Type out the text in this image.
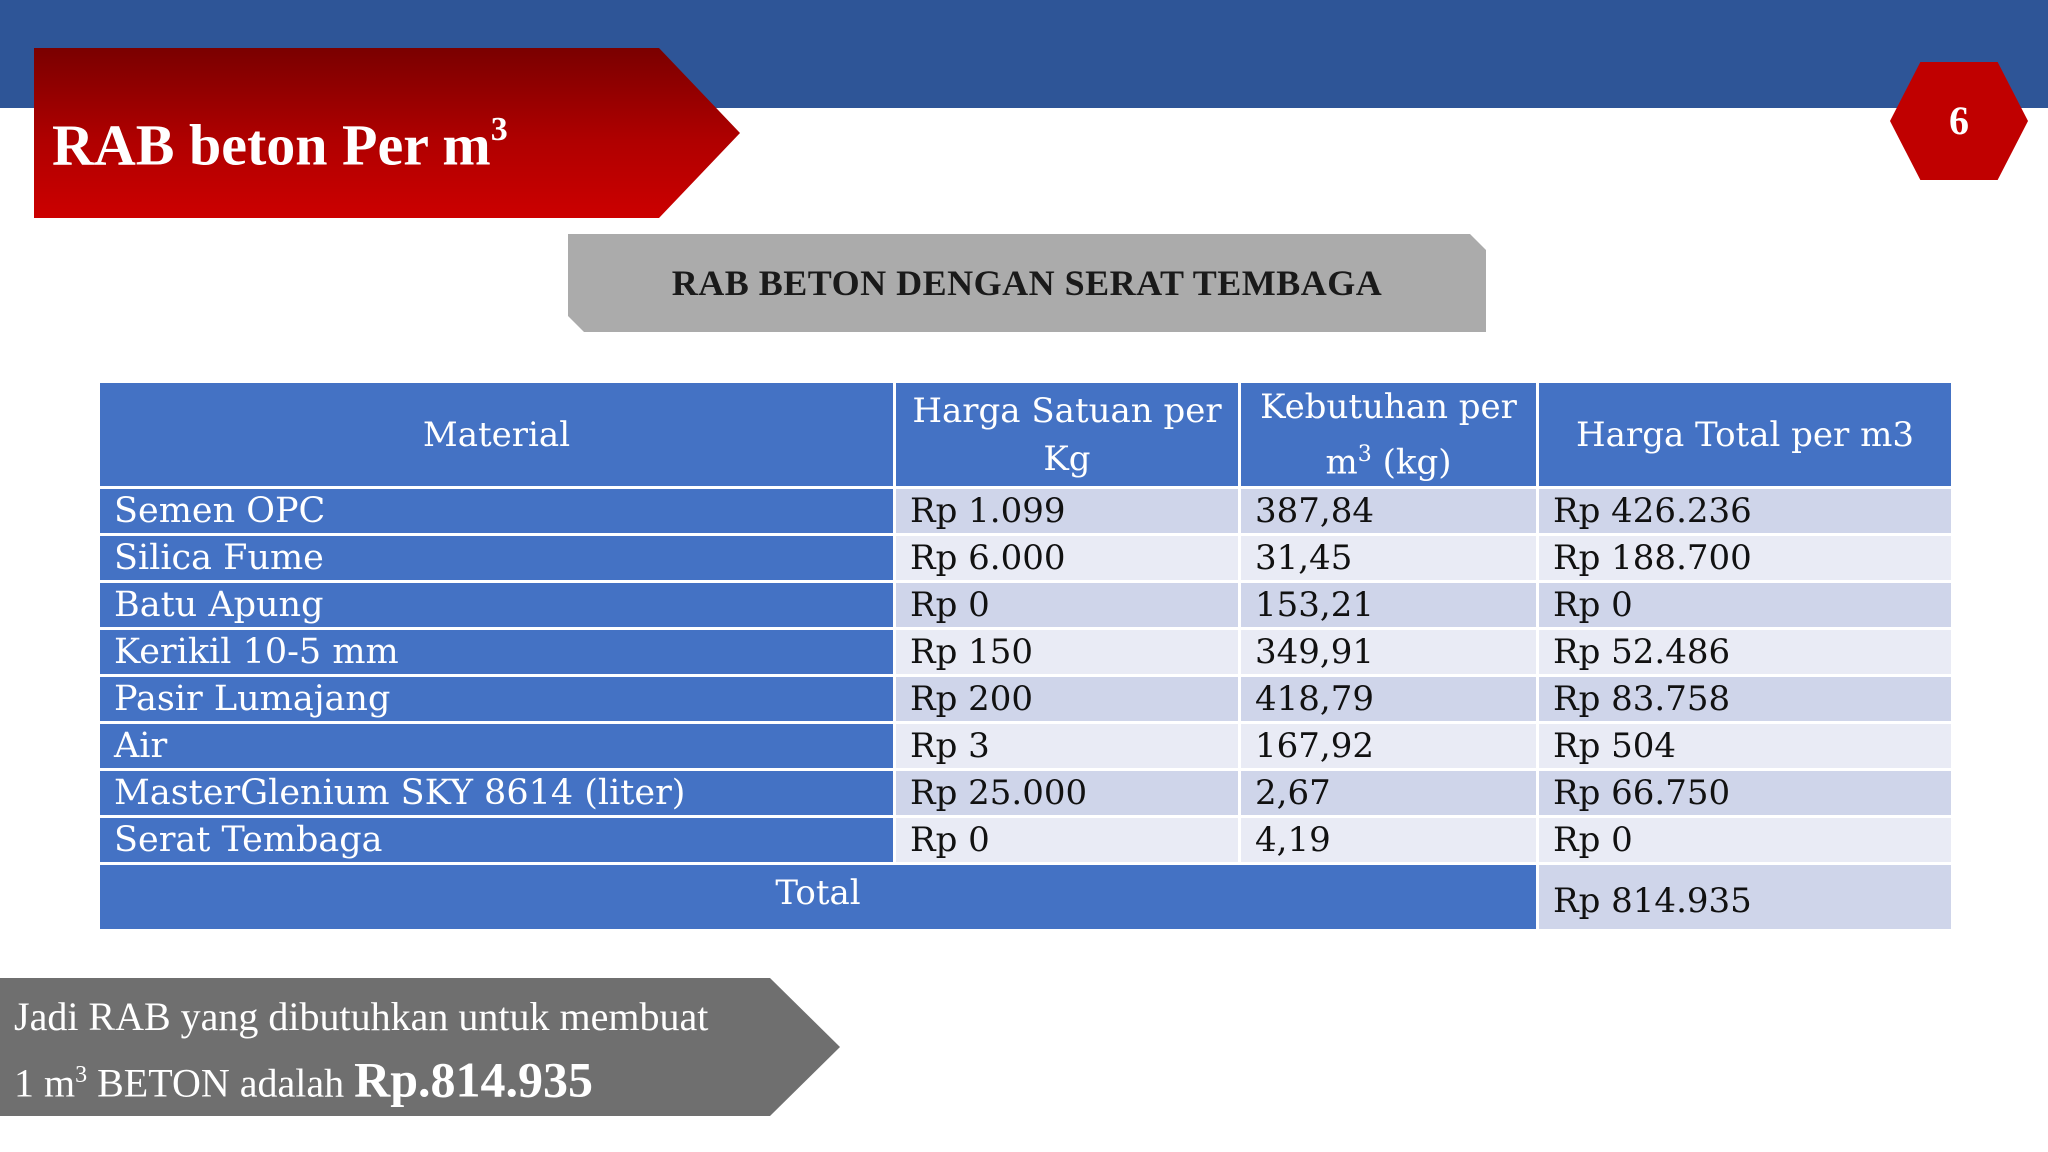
RAB beton Per $m^3$	6
RAB BETON DENGAN SERAT TEMBAGA
Material	Harga Satuan per Kg	Kebutuhan per $m^3$ (kg)	Harga Total per m3
Semen OPC	Rp 1.099	387,84	Rp 426.236
Silica Fume	Rp 6.000	31,45	Rp 188.700
Batu Apung	Rp 0	153,21	Rp 0
Kerikil 10-5 mm	Rp 150	349,91	Rp 52.486
Pasir Lumajang	Rp 200	418,79	Rp 83.758
Air	Rp 3	167,92	Rp 504
MasterGlenium SKY 8614 (liter)	Rp 25.000	2,67	Rp 66.750
Serat Tembaga	Rp 0	4,19	Rp 0
Total			Rp 814.935
Jadi RAB yang dibutuhkan untuk membuat
1 $m^3$ BETON adalah Rp.814.935
